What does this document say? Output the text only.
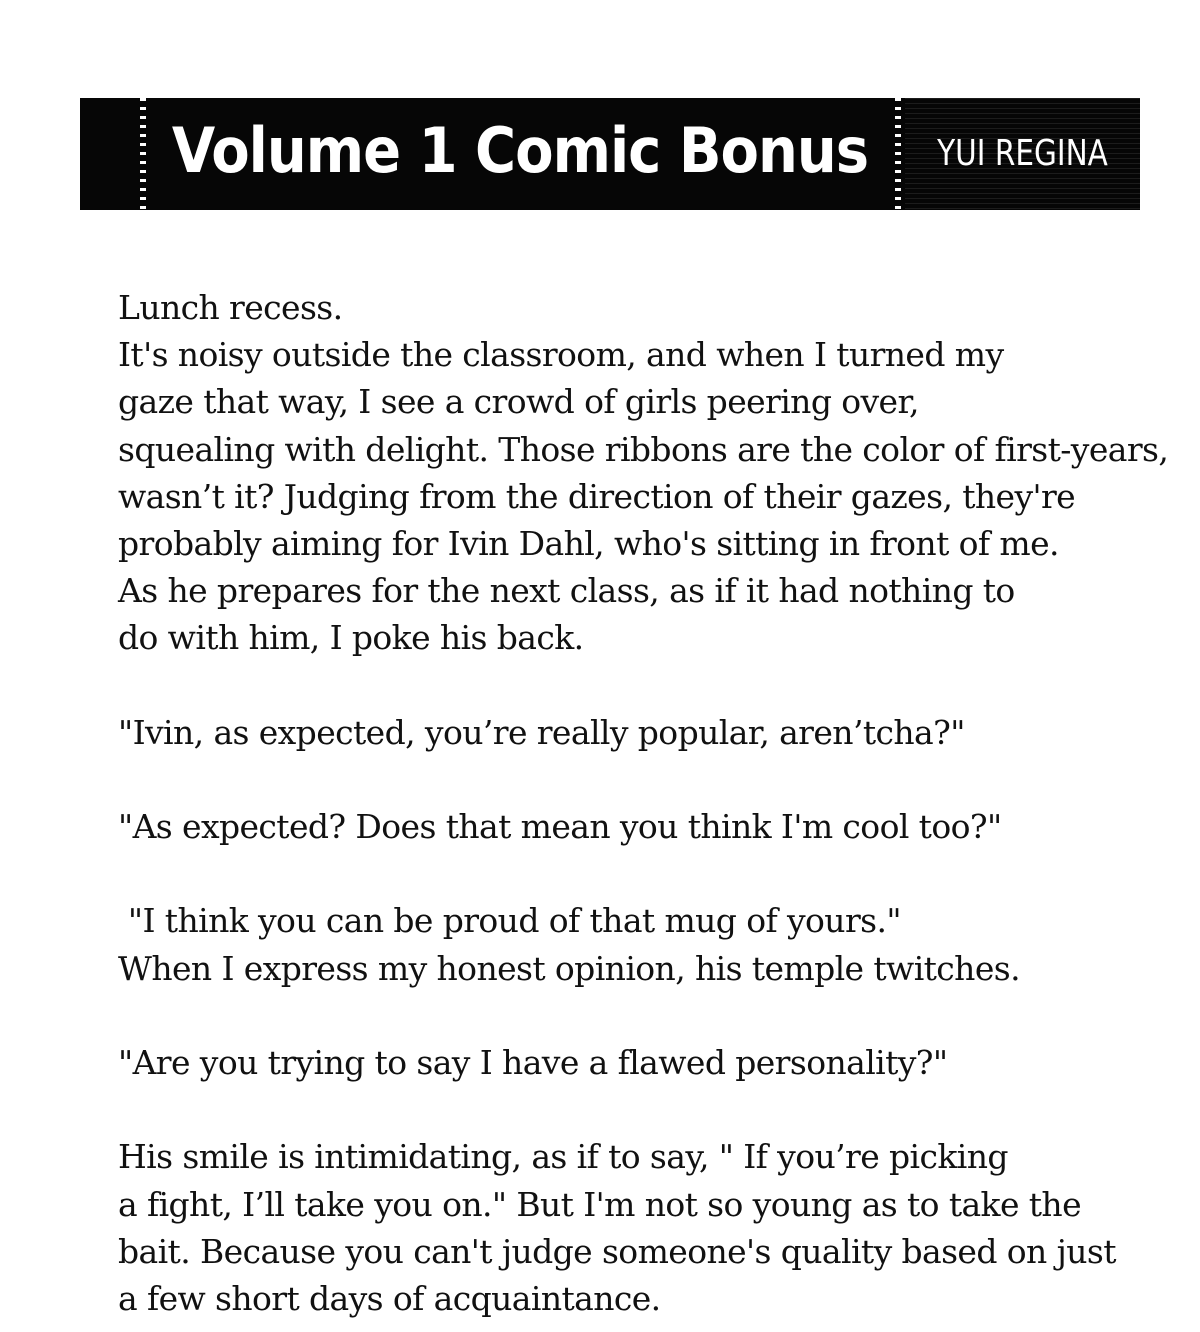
Volume 1 Comic Bonus SS
YUI REGINA
Lunch recess.
It's noisy outside the classroom, and when I turned my
gaze that way, I see a crowd of girls peering over,
squealing with delight. Those ribbons are the color of first-years,
wasn’t it? Judging from the direction of their gazes, they're
probably aiming for Ivin Dahl, who's sitting in front of me.
As he prepares for the next class, as if it had nothing to
do with him, I poke his back.
"Ivin, as expected, you’re really popular, aren’tcha?"
"As expected? Does that mean you think I'm cool too?"
"I think you can be proud of that mug of yours."
When I express my honest opinion, his temple twitches.
"Are you trying to say I have a flawed personality?"
His smile is intimidating, as if to say, " If you’re picking
a fight, I’ll take you on." But I'm not so young as to take the
bait. Because you can't judge someone's quality based on just
a few short days of acquaintance.
